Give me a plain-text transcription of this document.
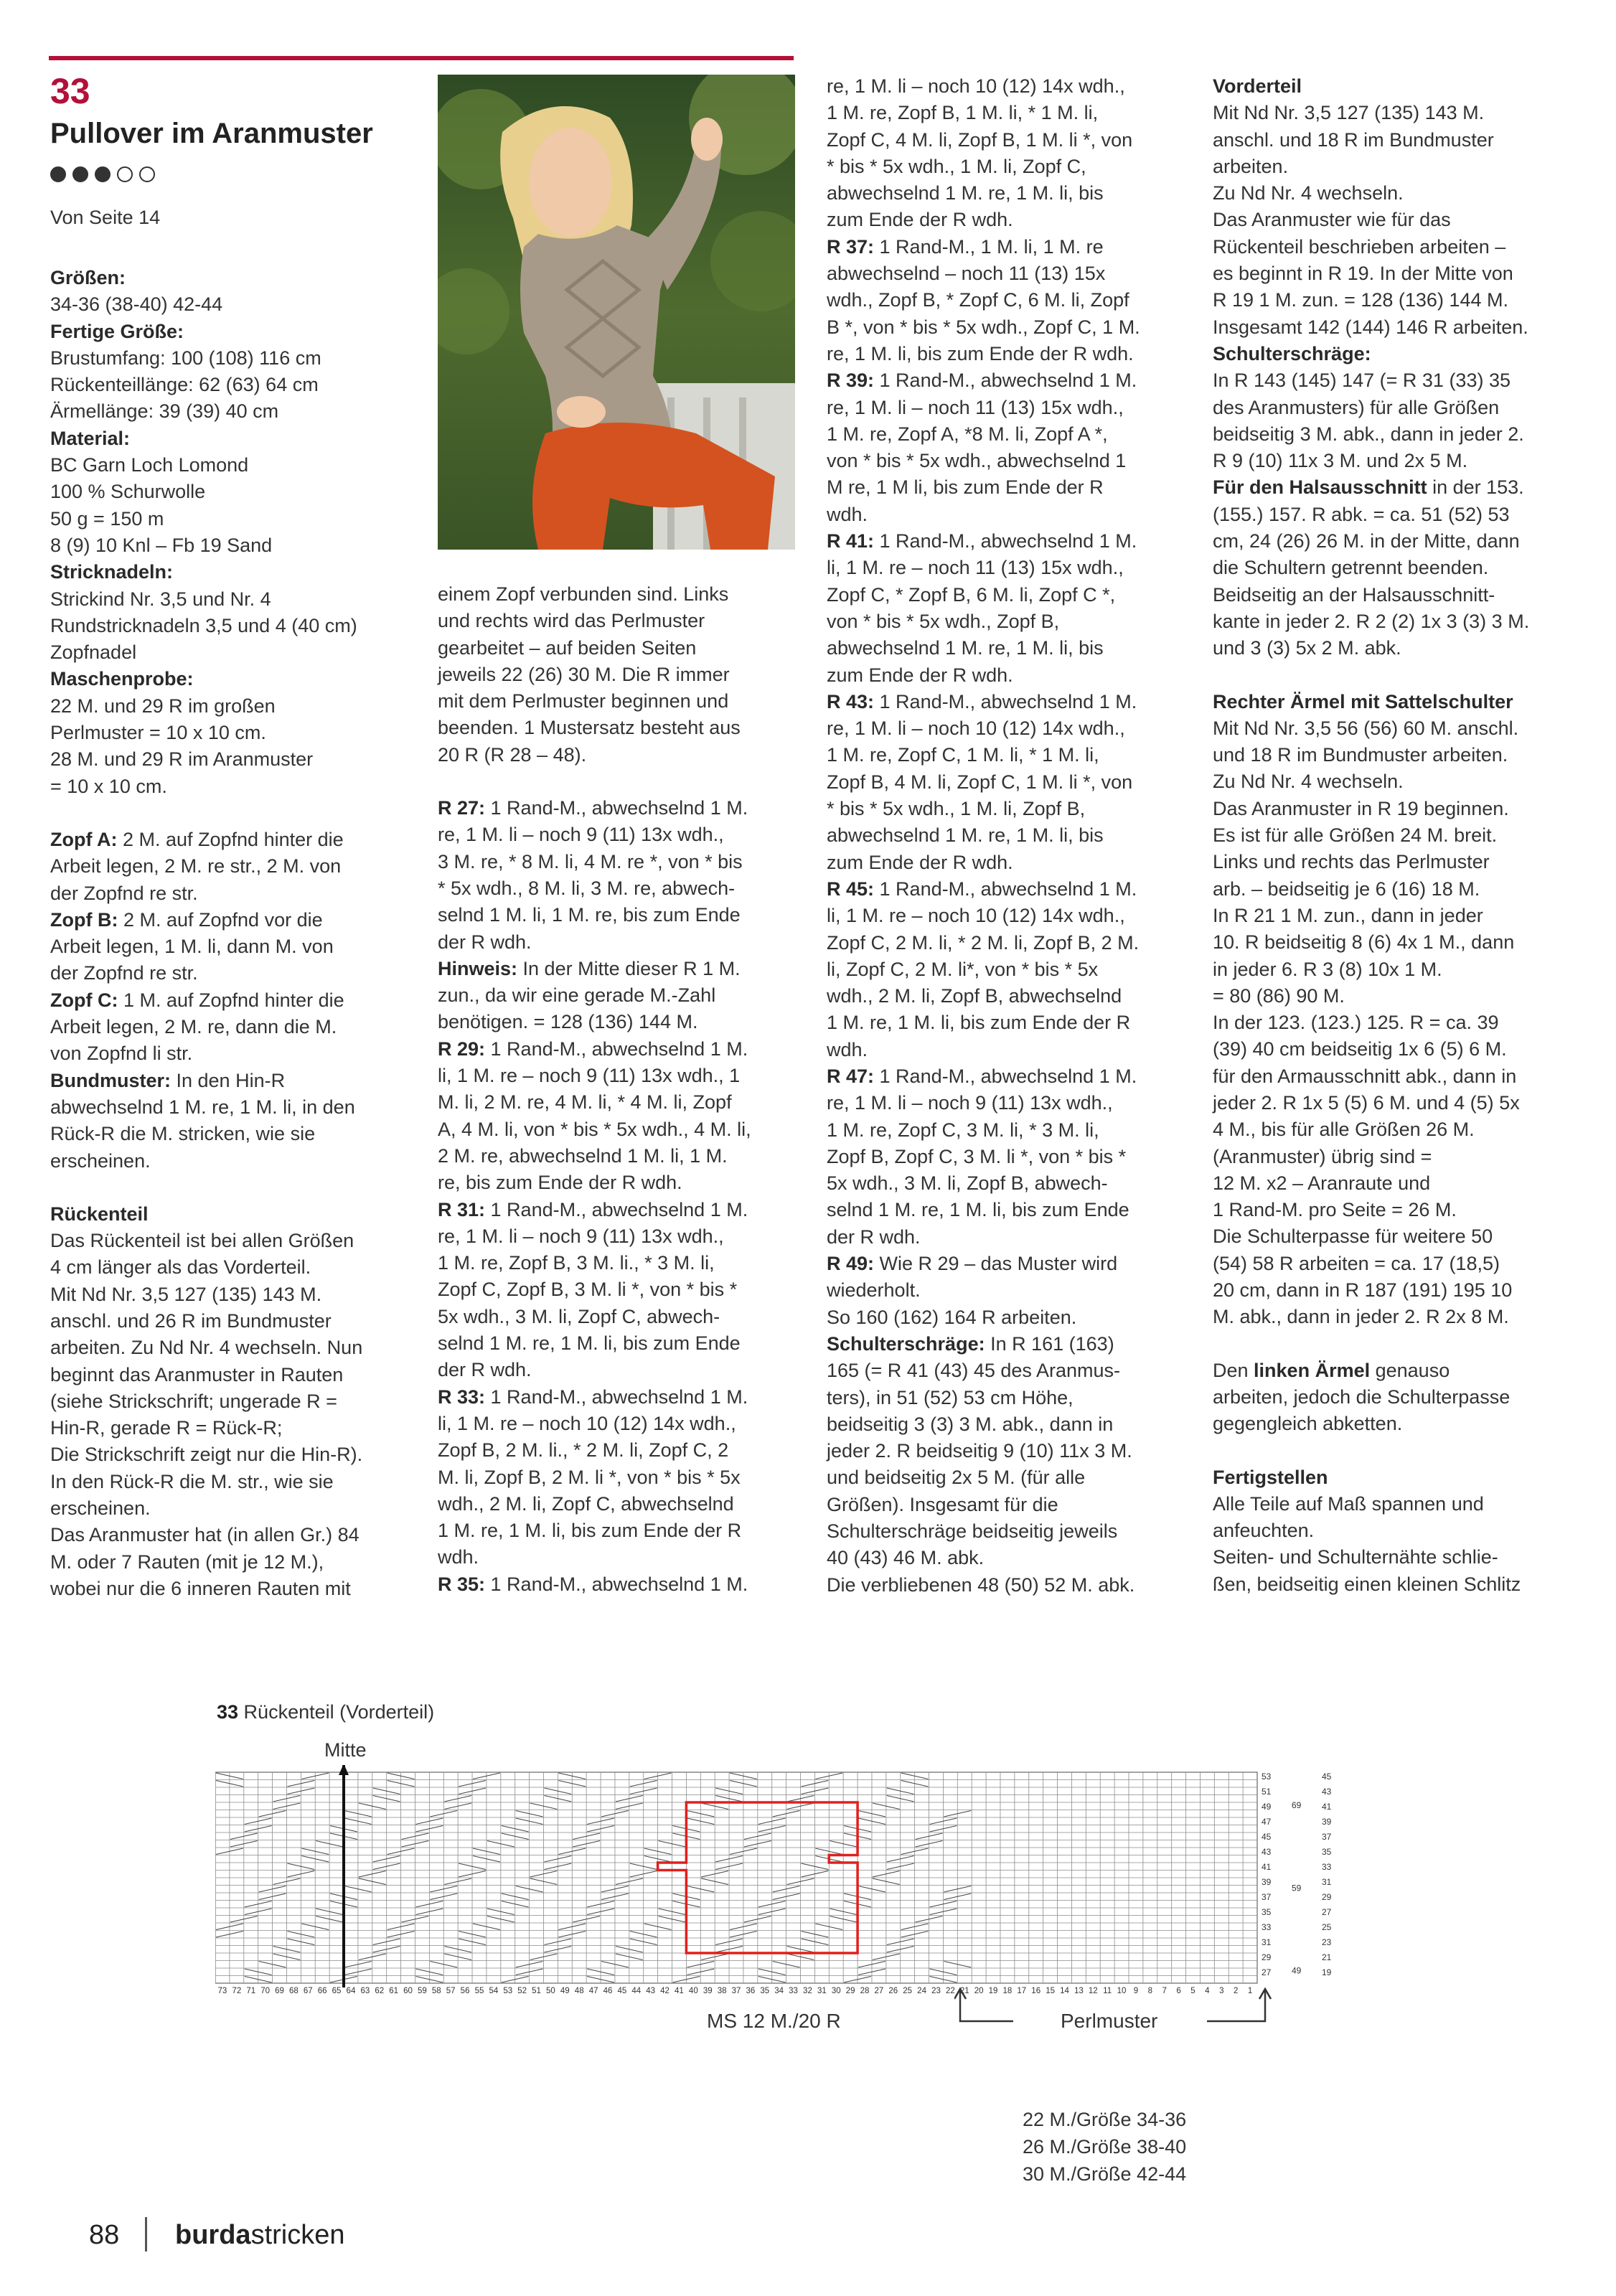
33
Pullover im Aranmuster
Von Seite 14

Größen:

34-36 (38-40) 42-44

Fertige Größe:

Brustumfang: 100 (108) 116 cm

Rückenteillänge: 62 (63) 64 cm

Ärmellänge: 39 (39) 40 cm

Material:

BC Garn Loch Lomond

100 % Schurwolle

50 g = 150 m

8 (9) 10 Knl – Fb 19 Sand

Stricknadeln:

Strickind Nr. 3,5 und Nr. 4

Rundstricknadeln 3,5 und 4 (40 cm)

Zopfnadel

Maschenprobe:

22 M. und 29 R im großen

Perlmuster = 10 x 10 cm.

28 M. und 29 R im Aranmuster

= 10 x 10 cm.

Zopf A: 2 M. auf Zopfnd hinter die

Arbeit legen, 2 M. re str., 2 M. von

der Zopfnd re str.

Zopf B: 2 M. auf Zopfnd vor die

Arbeit legen, 1 M. li, dann M. von

der Zopfnd re str.

Zopf C: 1 M. auf Zopfnd hinter die

Arbeit legen, 2 M. re, dann die M.

von Zopfnd li str.

Bundmuster: In den Hin-R

abwechselnd 1 M. re, 1 M. li, in den

Rück-R die M. stricken, wie sie

erscheinen.

Rückenteil

Das Rückenteil ist bei allen Größen

4 cm länger als das Vorderteil.

Mit Nd Nr. 3,5 127 (135) 143 M.

anschl. und 26 R im Bundmuster

arbeiten. Zu Nd Nr. 4 wechseln. Nun

beginnt das Aranmuster in Rauten

(siehe Strickschrift; ungerade R =

Hin-R, gerade R = Rück-R;

Die Strickschrift zeigt nur die Hin-R).

In den Rück-R die M. str., wie sie

erscheinen.

Das Aranmuster hat (in allen Gr.) 84

M. oder 7 Rauten (mit je 12 M.),

wobei nur die 6 inneren Rauten mit

einem Zopf verbunden sind. Links

und rechts wird das Perlmuster

gearbeitet – auf beiden Seiten

jeweils 22 (26) 30 M. Die R immer

mit dem Perlmuster beginnen und

beenden. 1 Mustersatz besteht aus

20 R (R 28 – 48).

R 27: 1 Rand-M., abwechselnd 1 M.

re, 1 M. li – noch 9 (11) 13x wdh.,

3 M. re, * 8 M. li, 4 M. re *, von * bis

* 5x wdh., 8 M. li, 3 M. re, abwech-

selnd 1 M. li, 1 M. re, bis zum Ende

der R wdh.

Hinweis: In der Mitte dieser R 1 M.

zun., da wir eine gerade M.-Zahl

benötigen. = 128 (136) 144 M.

R 29: 1 Rand-M., abwechselnd 1 M.

li, 1 M. re – noch 9 (11) 13x wdh., 1

M. li, 2 M. re, 4 M. li, * 4 M. li, Zopf

A, 4 M. li, von * bis * 5x wdh., 4 M. li,

2 M. re, abwechselnd 1 M. li, 1 M.

re, bis zum Ende der R wdh.

R 31: 1 Rand-M., abwechselnd 1 M.

re, 1 M. li – noch 9 (11) 13x wdh.,

1 M. re, Zopf B, 3 M. li., * 3 M. li,

Zopf C, Zopf B, 3 M. li *, von * bis *

5x wdh., 3 M. li, Zopf C, abwech-

selnd 1 M. re, 1 M. li, bis zum Ende

der R wdh.

R 33: 1 Rand-M., abwechselnd 1 M.

li, 1 M. re – noch 10 (12) 14x wdh.,

Zopf B, 2 M. li., * 2 M. li, Zopf C, 2

M. li, Zopf B, 2 M. li *, von * bis * 5x

wdh., 2 M. li, Zopf C, abwechselnd

1 M. re, 1 M. li, bis zum Ende der R

wdh.

R 35: 1 Rand-M., abwechselnd 1 M.

re, 1 M. li – noch 10 (12) 14x wdh.,

1 M. re, Zopf B, 1 M. li, * 1 M. li,

Zopf C, 4 M. li, Zopf B, 1 M. li *, von

* bis * 5x wdh., 1 M. li, Zopf C,

abwechselnd 1 M. re, 1 M. li, bis

zum Ende der R wdh.

R 37: 1 Rand-M., 1 M. li, 1 M. re

abwechselnd – noch 11 (13) 15x

wdh., Zopf B, * Zopf C, 6 M. li, Zopf

B *, von * bis * 5x wdh., Zopf C, 1 M.

re, 1 M. li, bis zum Ende der R wdh.

R 39: 1 Rand-M., abwechselnd 1 M.

re, 1 M. li – noch 11 (13) 15x wdh.,

1 M. re, Zopf A, *8 M. li, Zopf A *,

von * bis * 5x wdh., abwechselnd 1

M re, 1 M li, bis zum Ende der R

wdh.

R 41: 1 Rand-M., abwechselnd 1 M.

li, 1 M. re – noch 11 (13) 15x wdh.,

Zopf C, * Zopf B, 6 M. li, Zopf C *,

von * bis * 5x wdh., Zopf B,

abwechselnd 1 M. re, 1 M. li, bis

zum Ende der R wdh.

R 43: 1 Rand-M., abwechselnd 1 M.

re, 1 M. li – noch 10 (12) 14x wdh.,

1 M. re, Zopf C, 1 M. li, * 1 M. li,

Zopf B, 4 M. li, Zopf C, 1 M. li *, von

* bis * 5x wdh., 1 M. li, Zopf B,

abwechselnd 1 M. re, 1 M. li, bis

zum Ende der R wdh.

R 45: 1 Rand-M., abwechselnd 1 M.

li, 1 M. re – noch 10 (12) 14x wdh.,

Zopf C, 2 M. li, * 2 M. li, Zopf B, 2 M.

li, Zopf C, 2 M. li*, von * bis * 5x

wdh., 2 M. li, Zopf B, abwechselnd

1 M. re, 1 M. li, bis zum Ende der R

wdh.

R 47: 1 Rand-M., abwechselnd 1 M.

re, 1 M. li – noch 9 (11) 13x wdh.,

1 M. re, Zopf C, 3 M. li, * 3 M. li,

Zopf B, Zopf C, 3 M. li *, von * bis *

5x wdh., 3 M. li, Zopf B, abwech-

selnd 1 M. re, 1 M. li, bis zum Ende

der R wdh.

R 49: Wie R 29 – das Muster wird

wiederholt.

So 160 (162) 164 R arbeiten.

Schulterschräge: In R 161 (163)

165 (= R 41 (43) 45 des Aranmus-

ters), in 51 (52) 53 cm Höhe,

beidseitig 3 (3) 3 M. abk., dann in

jeder 2. R beidseitig 9 (10) 11x 3 M.

und beidseitig 2x 5 M. (für alle

Größen). Insgesamt für die

Schulterschräge beidseitig jeweils

40 (43) 46 M. abk.

Die verbliebenen 48 (50) 52 M. abk.

Vorderteil

Mit Nd Nr. 3,5 127 (135) 143 M.

anschl. und 18 R im Bundmuster

arbeiten.

Zu Nd Nr. 4 wechseln.

Das Aranmuster wie für das

Rückenteil beschrieben arbeiten –

es beginnt in R 19. In der Mitte von

R 19 1 M. zun. = 128 (136) 144 M.

Insgesamt 142 (144) 146 R arbeiten.

Schulterschräge:

In R 143 (145) 147 (= R 31 (33) 35

des Aranmusters) für alle Größen

beidseitig 3 M. abk., dann in jeder 2.

R 9 (10) 11x 3 M. und 2x 5 M.

Für den Halsausschnitt in der 153.

(155.) 157. R abk. = ca. 51 (52) 53

cm, 24 (26) 26 M. in der Mitte, dann

die Schultern getrennt beenden.

Beidseitig an der Halsausschnitt-

kante in jeder 2. R 2 (2) 1x 3 (3) 3 M.

und 3 (3) 5x 2 M. abk.

Rechter Ärmel mit Sattelschulter

Mit Nd Nr. 3,5 56 (56) 60 M. anschl.

und 18 R im Bundmuster arbeiten.

Zu Nd Nr. 4 wechseln.

Das Aranmuster in R 19 beginnen.

Es ist für alle Größen 24 M. breit.

Links und rechts das Perlmuster

arb. – beidseitig je 6 (16) 18 M.

In R 21 1 M. zun., dann in jeder

10. R beidseitig 8 (6) 4x 1 M., dann

in jeder 6. R 3 (8) 10x 1 M.

= 80 (86) 90 M.

In der 123. (123.) 125. R = ca. 39

(39) 40 cm beidseitig 1x 6 (5) 6 M.

für den Armausschnitt abk., dann in

jeder 2. R 1x 5 (5) 6 M. und 4 (5) 5x

4 M., bis für alle Größen 26 M.

(Aranmuster) übrig sind =

12 M. x2 – Aranraute und

1 Rand-M. pro Seite = 26 M.

Die Schulterpasse für weitere 50

(54) 58 R arbeiten = ca. 17 (18,5)

20 cm, dann in R 187 (191) 195 10

M. abk., dann in jeder 2. R 2x 8 M.

Den linken Ärmel genauso

arbeiten, jedoch die Schulterpasse

gegengleich abketten.

Fertigstellen

Alle Teile auf Maß spannen und

anfeuchten.

Seiten- und Schulternähte schlie-

ßen, beidseitig einen kleinen Schlitz

33 Rückenteil (Vorderteil)
Mitte
73 72 71 70 69 68 67 66 65 64 63 62 61 60 59 58 57 56 55 54 53 52 51 50 49 48 47 46 45 44 43 42 41 40 39 38 37 36 35 34 33 32 31 30 29 28 27 26 25 24 23 22 21 20 19 18 17 16 15 14 13 12 11 10 9 8 7 6 5 4 3 2 1
53
51
49
47
45
43
41
39
37
35
33
31
29
27
69
59
49
45
43
41
39
37
35
33
31
29
27
25
23
21
19
MS 12 M./20 R	Perlmuster
22 M./Größe 34-36
26 M./Größe 38-40
30 M./Größe 42-44
88 burdastricken
